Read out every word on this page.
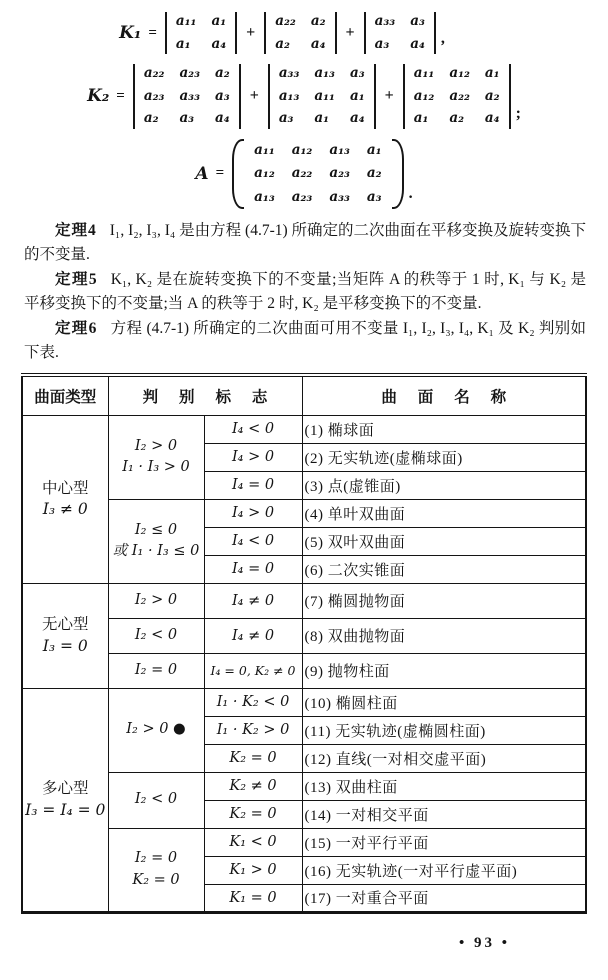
K₁ =
a₁₁ a₁
a₁	a₄
+
a₂₂ a₂
a₂	a₄
+
a₃₃ a₃
a₃	a₄ ,
K₂ =
a₂₂ a₂₃ a₂
a₂₃ a₃₃ a₃
a₂	a₃	a₄
+
a₃₃ a₁₃ a₃
a₁₃ a₁₁ a₁
a₃	a₁	a₄
+
a₁₁ a₁₂ a₁
a₁₂ a₂₂ a₂
a₁	a₂	a₄ ;
A =
a₁₁ a₁₂ a₁₃ a₁
a₁₂ a₂₂ a₂₃ a₂
a₁₃ a₂₃ a₃₃ a₃ .

定理4 I₁, I₂, I₃, I₄ 是由方程 (4.7-1) 所确定的二次曲面在平移变换及旋转变换下的不变量.

定理5 K₁, K₂ 是在旋转变换下的不变量;当矩阵 A 的秩等于 1 时, K₁ 与 K₂ 是平移变换下的不变量;当 A 的秩等于 2 时, K₂ 是平移变换下的不变量.

定理6 方程 (4.7-1) 所确定的二次曲面可用不变量 I₁, I₂, I₃, I₄, K₁ 及 K₂ 判别如下表.

曲面类型	判 别 标 志		曲 面 名 称

中心型
I₃ ≠ 0

I₂ > 0
I₁ · I₃ > 0
	I₄ < 0	(1) 椭球面
		I₄ > 0	(2) 无实轨迹(虚椭球面)
		I₄ = 0	(3) 点(虚锥面)

	I₂ ≤ 0
或 I₁ · I₃ ≤ 0	I₄ > 0	(4) 单叶双曲面
		I₄ < 0	(5) 双叶双曲面
		I₄ = 0	(6) 二次实锥面

无心型
I₃ = 0	I₂ > 0	I₄ ≠ 0	(7) 椭圆抛物面
	I₂ < 0	I₄ ≠ 0	(8) 双曲抛物面
	I₂ = 0	I₄ = 0, K₂ ≠ 0	(9) 抛物柱面

多心型
I₃ = I₄ = 0	I₂ > 0 ●	I₁ · K₂ < 0	(10) 椭圆柱面
		I₁ · K₂ > 0	(11) 无实轨迹(虚椭圆柱面)
		K₂ = 0	(12) 直线(一对相交虚平面)
	I₂ < 0	K₂ ≠ 0	(13) 双曲柱面
		K₂ = 0	(14) 一对相交平面

	I₂ = 0
K₂ = 0	K₁ < 0	(15) 一对平行平面
		K₁ > 0	(16) 无实轨迹(一对平行虚平面)
		K₁ = 0	(17) 一对重合平面
• 93 •
